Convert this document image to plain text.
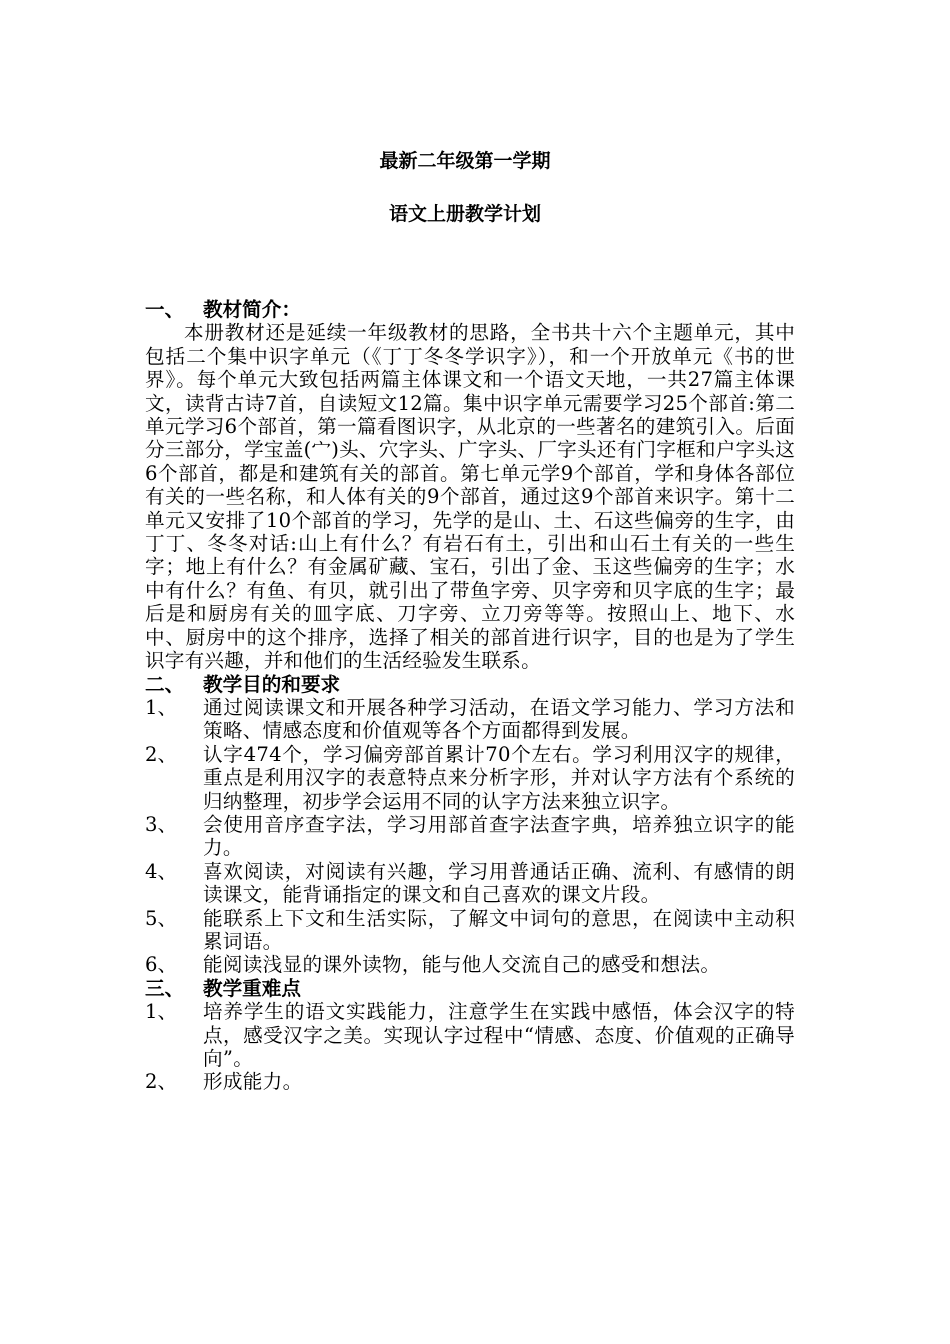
最新二年级第一学期
语文上册教学计划
一、 教材简介：
本册教材还是延续一年级教材的思路，全书共十六个主题单元，其中包括二个集中识字单元（《丁丁冬冬学识字》），和一个开放单元《书的世界》。每个单元大致包括两篇主体课文和一个语文天地，一共27篇主体课文，读背古诗7首，自读短文12篇。集中识字单元需要学习25个部首:第二单元学习6个部首，第一篇看图识字，从北京的一些著名的建筑引入。后面分三部分，学宝盖(宀)头、穴字头、广字头、厂字头还有门字框和户字头这6个部首，都是和建筑有关的部首。第七单元学9个部首，学和身体各部位有关的一些名称，和人体有关的9个部首，通过这9个部首来识字。第十二单元又安排了10个部首的学习，先学的是山、土、石这些偏旁的生字，由丁丁、冬冬对话:山上有什么？有岩石有土，引出和山石土有关的一些生字；地上有什么？有金属矿藏、宝石，引出了金、玉这些偏旁的生字；水中有什么？有鱼、有贝，就引出了带鱼字旁、贝字旁和贝字底的生字；最后是和厨房有关的皿字底、刀字旁、立刀旁等等。按照山上、地下、水中、厨房中的这个排序，选择了相关的部首进行识字，目的也是为了学生识字有兴趣，并和他们的生活经验发生联系。
二、 教学目的和要求
1、	通过阅读课文和开展各种学习活动，在语文学习能力、学习方法和策略、情感态度和价值观等各个方面都得到发展。
2、	认字474个，学习偏旁部首累计70个左右。学习利用汉字的规律，重点是利用汉字的表意特点来分析字形，并对认字方法有个系统的归纳整理，初步学会运用不同的认字方法来独立识字。
3、	会使用音序查字法，学习用部首查字法查字典，培养独立识字的能力。
4、	喜欢阅读，对阅读有兴趣，学习用普通话正确、流利、有感情的朗读课文，能背诵指定的课文和自己喜欢的课文片段。
5、	能联系上下文和生活实际，了解文中词句的意思，在阅读中主动积累词语。
6、	能阅读浅显的课外读物，能与他人交流自己的感受和想法。
三、 教学重难点
1、	培养学生的语文实践能力，注意学生在实践中感悟，体会汉字的特点，感受汉字之美。实现认字过程中“情感、态度、价值观的正确导向”。
2、	形成能力。
